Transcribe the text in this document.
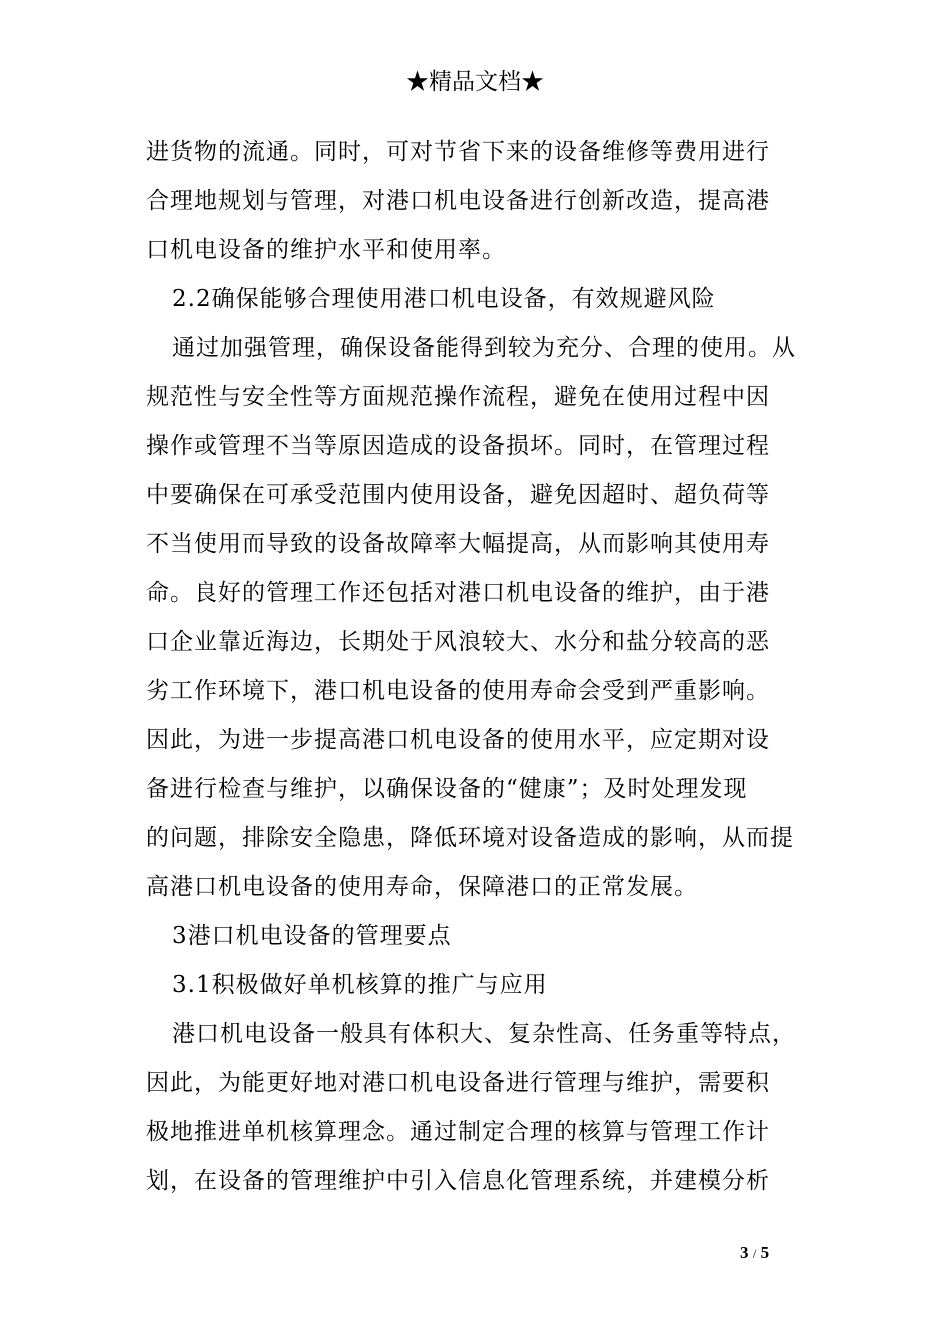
★精品文档★
进货物的流通。同时，可对节省下来的设备维修等费用进行
合理地规划与管理，对港口机电设备进行创新改造，提高港
口机电设备的维护水平和使用率。
2.2确保能够合理使用港口机电设备，有效规避风险
通过加强管理，确保设备能得到较为充分、合理的使用。从
规范性与安全性等方面规范操作流程，避免在使用过程中因
操作或管理不当等原因造成的设备损坏。同时，在管理过程
中要确保在可承受范围内使用设备，避免因超时、超负荷等
不当使用而导致的设备故障率大幅提高，从而影响其使用寿
命。良好的管理工作还包括对港口机电设备的维护，由于港
口企业靠近海边，长期处于风浪较大、水分和盐分较高的恶
劣工作环境下，港口机电设备的使用寿命会受到严重影响。
因此，为进一步提高港口机电设备的使用水平，应定期对设
备进行检查与维护，以确保设备的“健康”；及时处理发现
的问题，排除安全隐患，降低环境对设备造成的影响，从而提
高港口机电设备的使用寿命，保障港口的正常发展。
3港口机电设备的管理要点
3.1积极做好单机核算的推广与应用
港口机电设备一般具有体积大、复杂性高、任务重等特点，
因此，为能更好地对港口机电设备进行管理与维护，需要积
极地推进单机核算理念。通过制定合理的核算与管理工作计
划，在设备的管理维护中引入信息化管理系统，并建模分析
3 / 5
